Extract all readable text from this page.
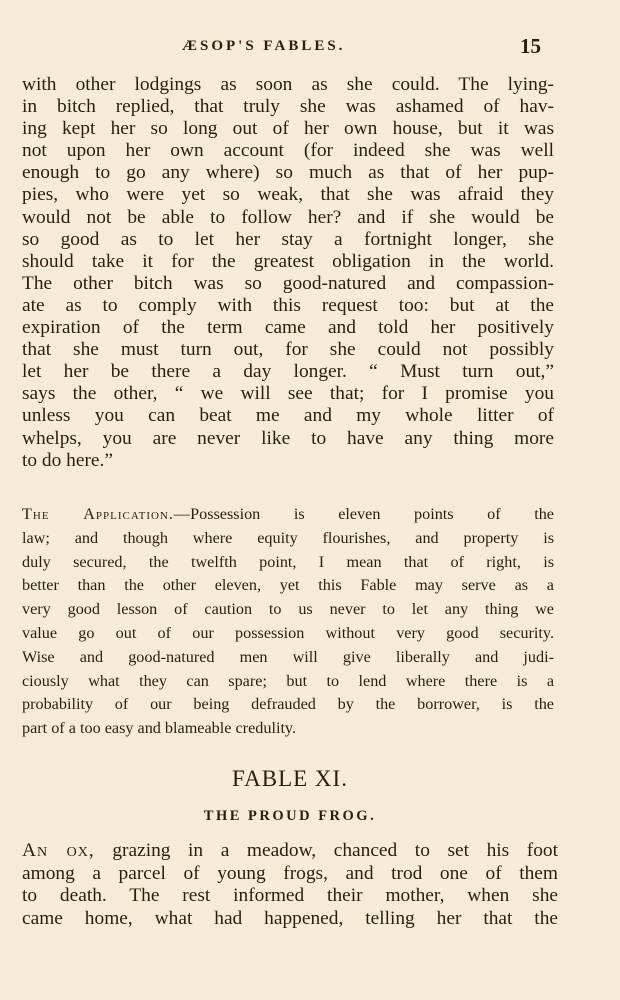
ÆSOP'S FABLES.	15
with other lodgings as soon as she could. The lying-
in bitch replied, that truly she was ashamed of hav-
ing kept her so long out of her own house, but it was
not upon her own account (for indeed she was well
enough to go any where) so much as that of her pup-
pies, who were yet so weak, that she was afraid they
would not be able to follow her? and if she would be
so good as to let her stay a fortnight longer, she
should take it for the greatest obligation in the world.
The other bitch was so good-natured and compassion-
ate as to comply with this request too: but at the
expiration of the term came and told her positively
that she must turn out, for she could not possibly
let her be there a day longer. “ Must turn out,”
says the other, “ we will see that; for I promise you
unless you can beat me and my whole litter of
whelps, you are never like to have any thing more
to do here.”
The Application.—Possession is eleven points of the
law; and though where equity flourishes, and property is
duly secured, the twelfth point, I mean that of right, is
better than the other eleven, yet this Fable may serve as a
very good lesson of caution to us never to let any thing we
value go out of our possession without very good security.
Wise and good-natured men will give liberally and judi-
ciously what they can spare; but to lend where there is a
probability of our being defrauded by the borrower, is the
part of a too easy and blameable credulity.
FABLE XI.
THE PROUD FROG.
An ox, grazing in a meadow, chanced to set his foot
among a parcel of young frogs, and trod one of them
to death. The rest informed their mother, when she
came home, what had happened, telling her that the
